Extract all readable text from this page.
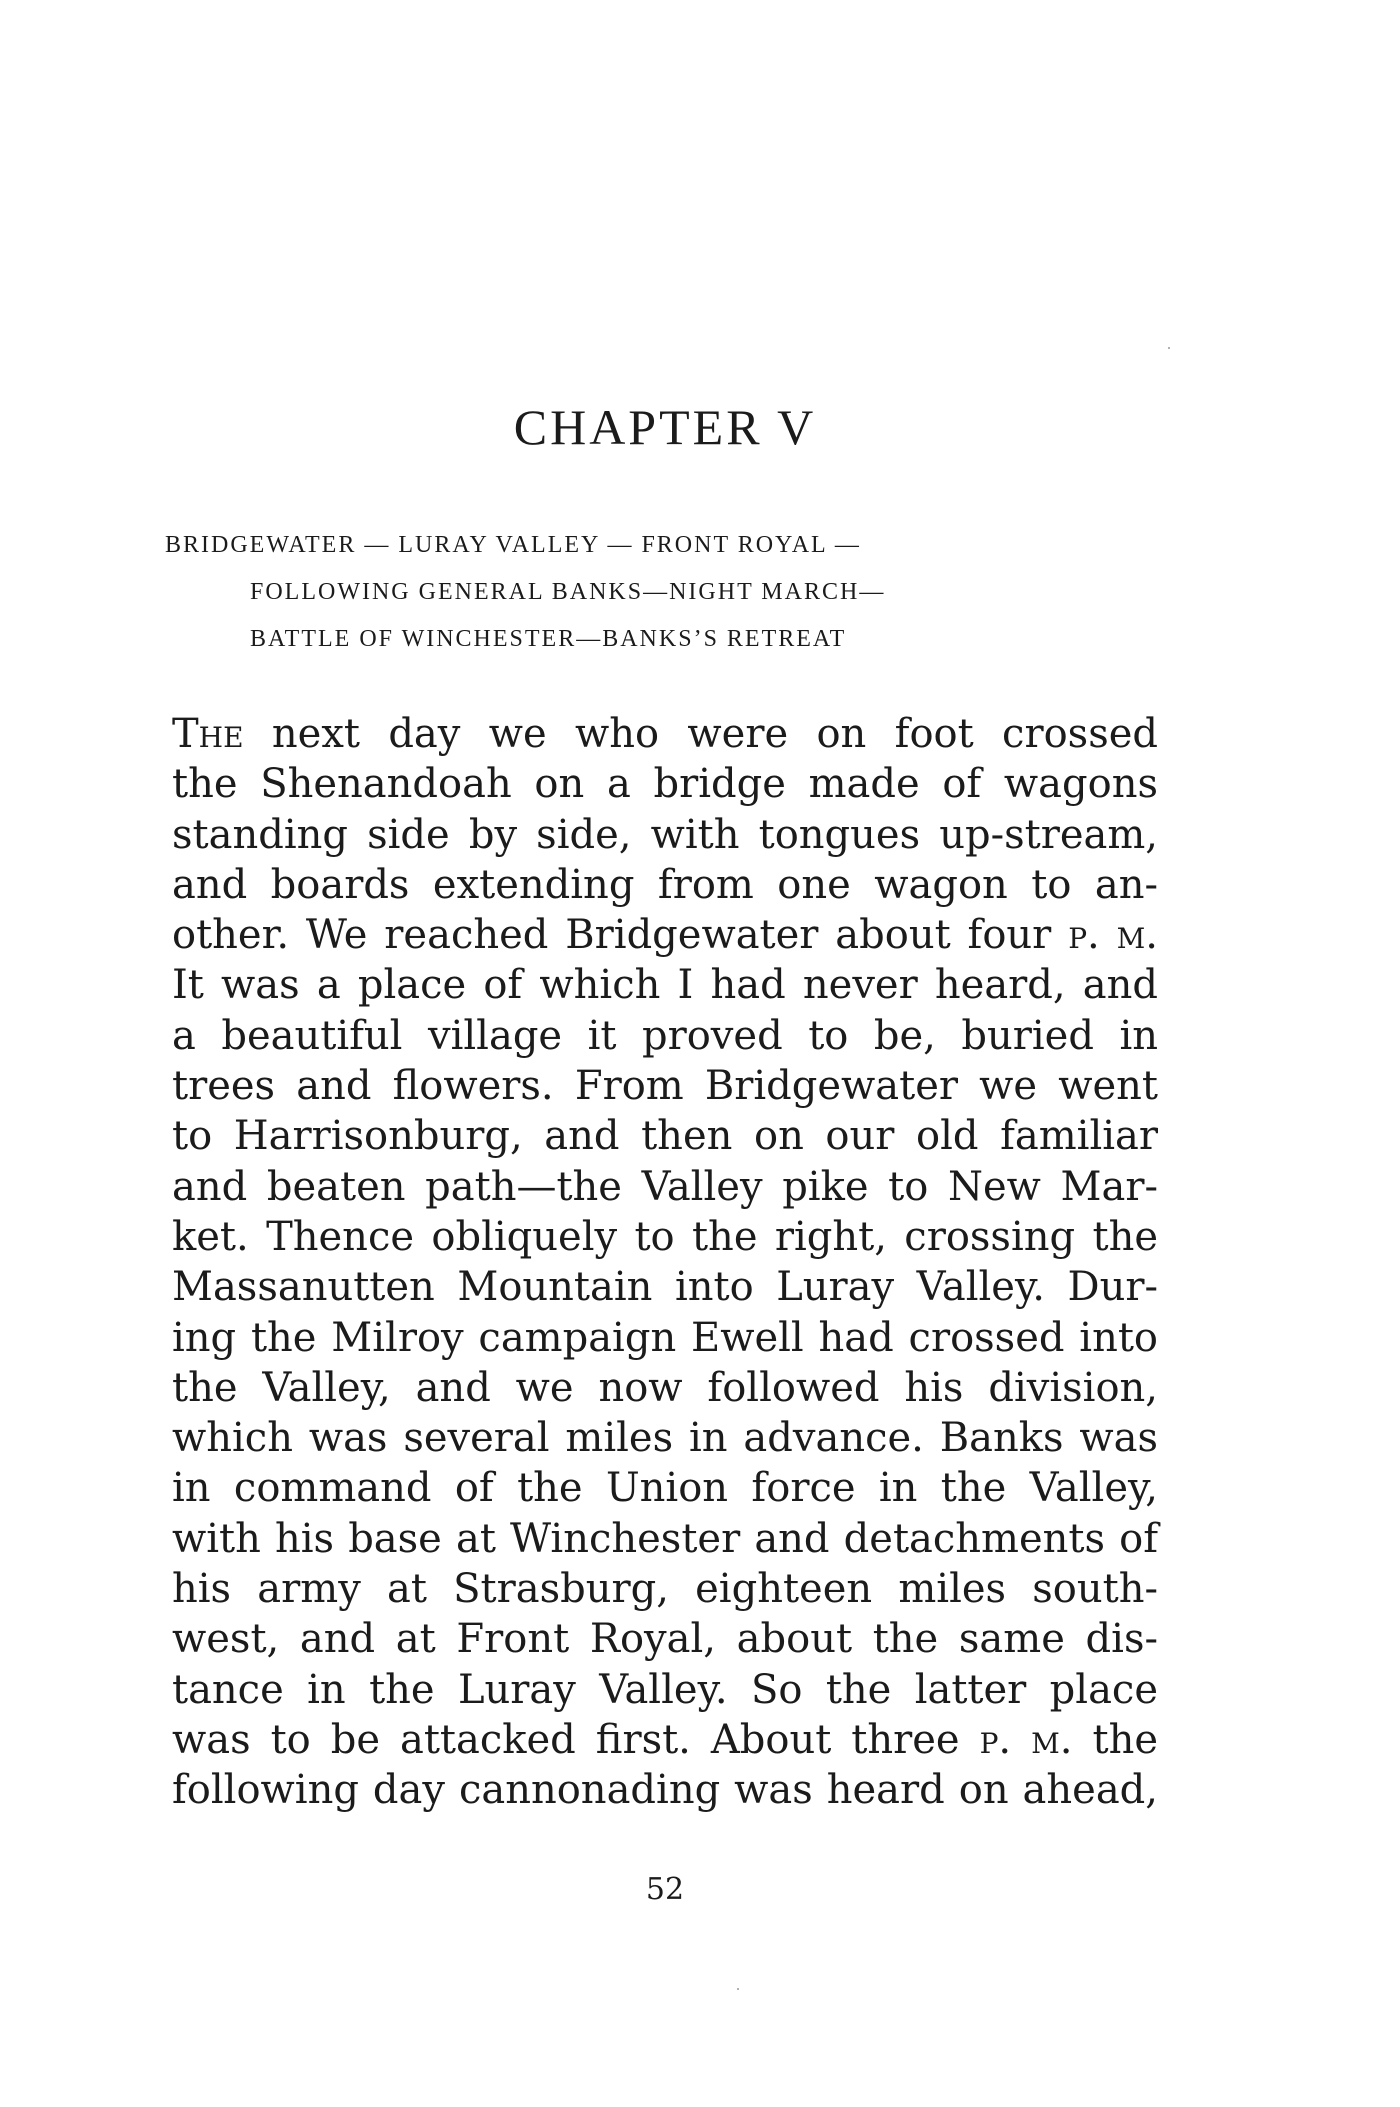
CHAPTER V
BRIDGEWATER — LURAY VALLEY — FRONT ROYAL —
FOLLOWING GENERAL BANKS—NIGHT MARCH—
BATTLE OF WINCHESTER—BANKS’S RETREAT
The next day we who were on foot crossed
the Shenandoah on a bridge made of wagons
standing side by side, with tongues up-stream,
and boards extending from one wagon to an-
other. We reached Bridgewater about four p. m.
It was a place of which I had never heard, and
a beautiful village it proved to be, buried in
trees and flowers. From Bridgewater we went
to Harrisonburg, and then on our old familiar
and beaten path—the Valley pike to New Mar-
ket. Thence obliquely to the right, crossing the
Massanutten Mountain into Luray Valley. Dur-
ing the Milroy campaign Ewell had crossed into
the Valley, and we now followed his division,
which was several miles in advance. Banks was
in command of the Union force in the Valley,
with his base at Winchester and detachments of
his army at Strasburg, eighteen miles south-
west, and at Front Royal, about the same dis-
tance in the Luray Valley. So the latter place
was to be attacked first. About three p. m. the
following day cannonading was heard on ahead,
52
